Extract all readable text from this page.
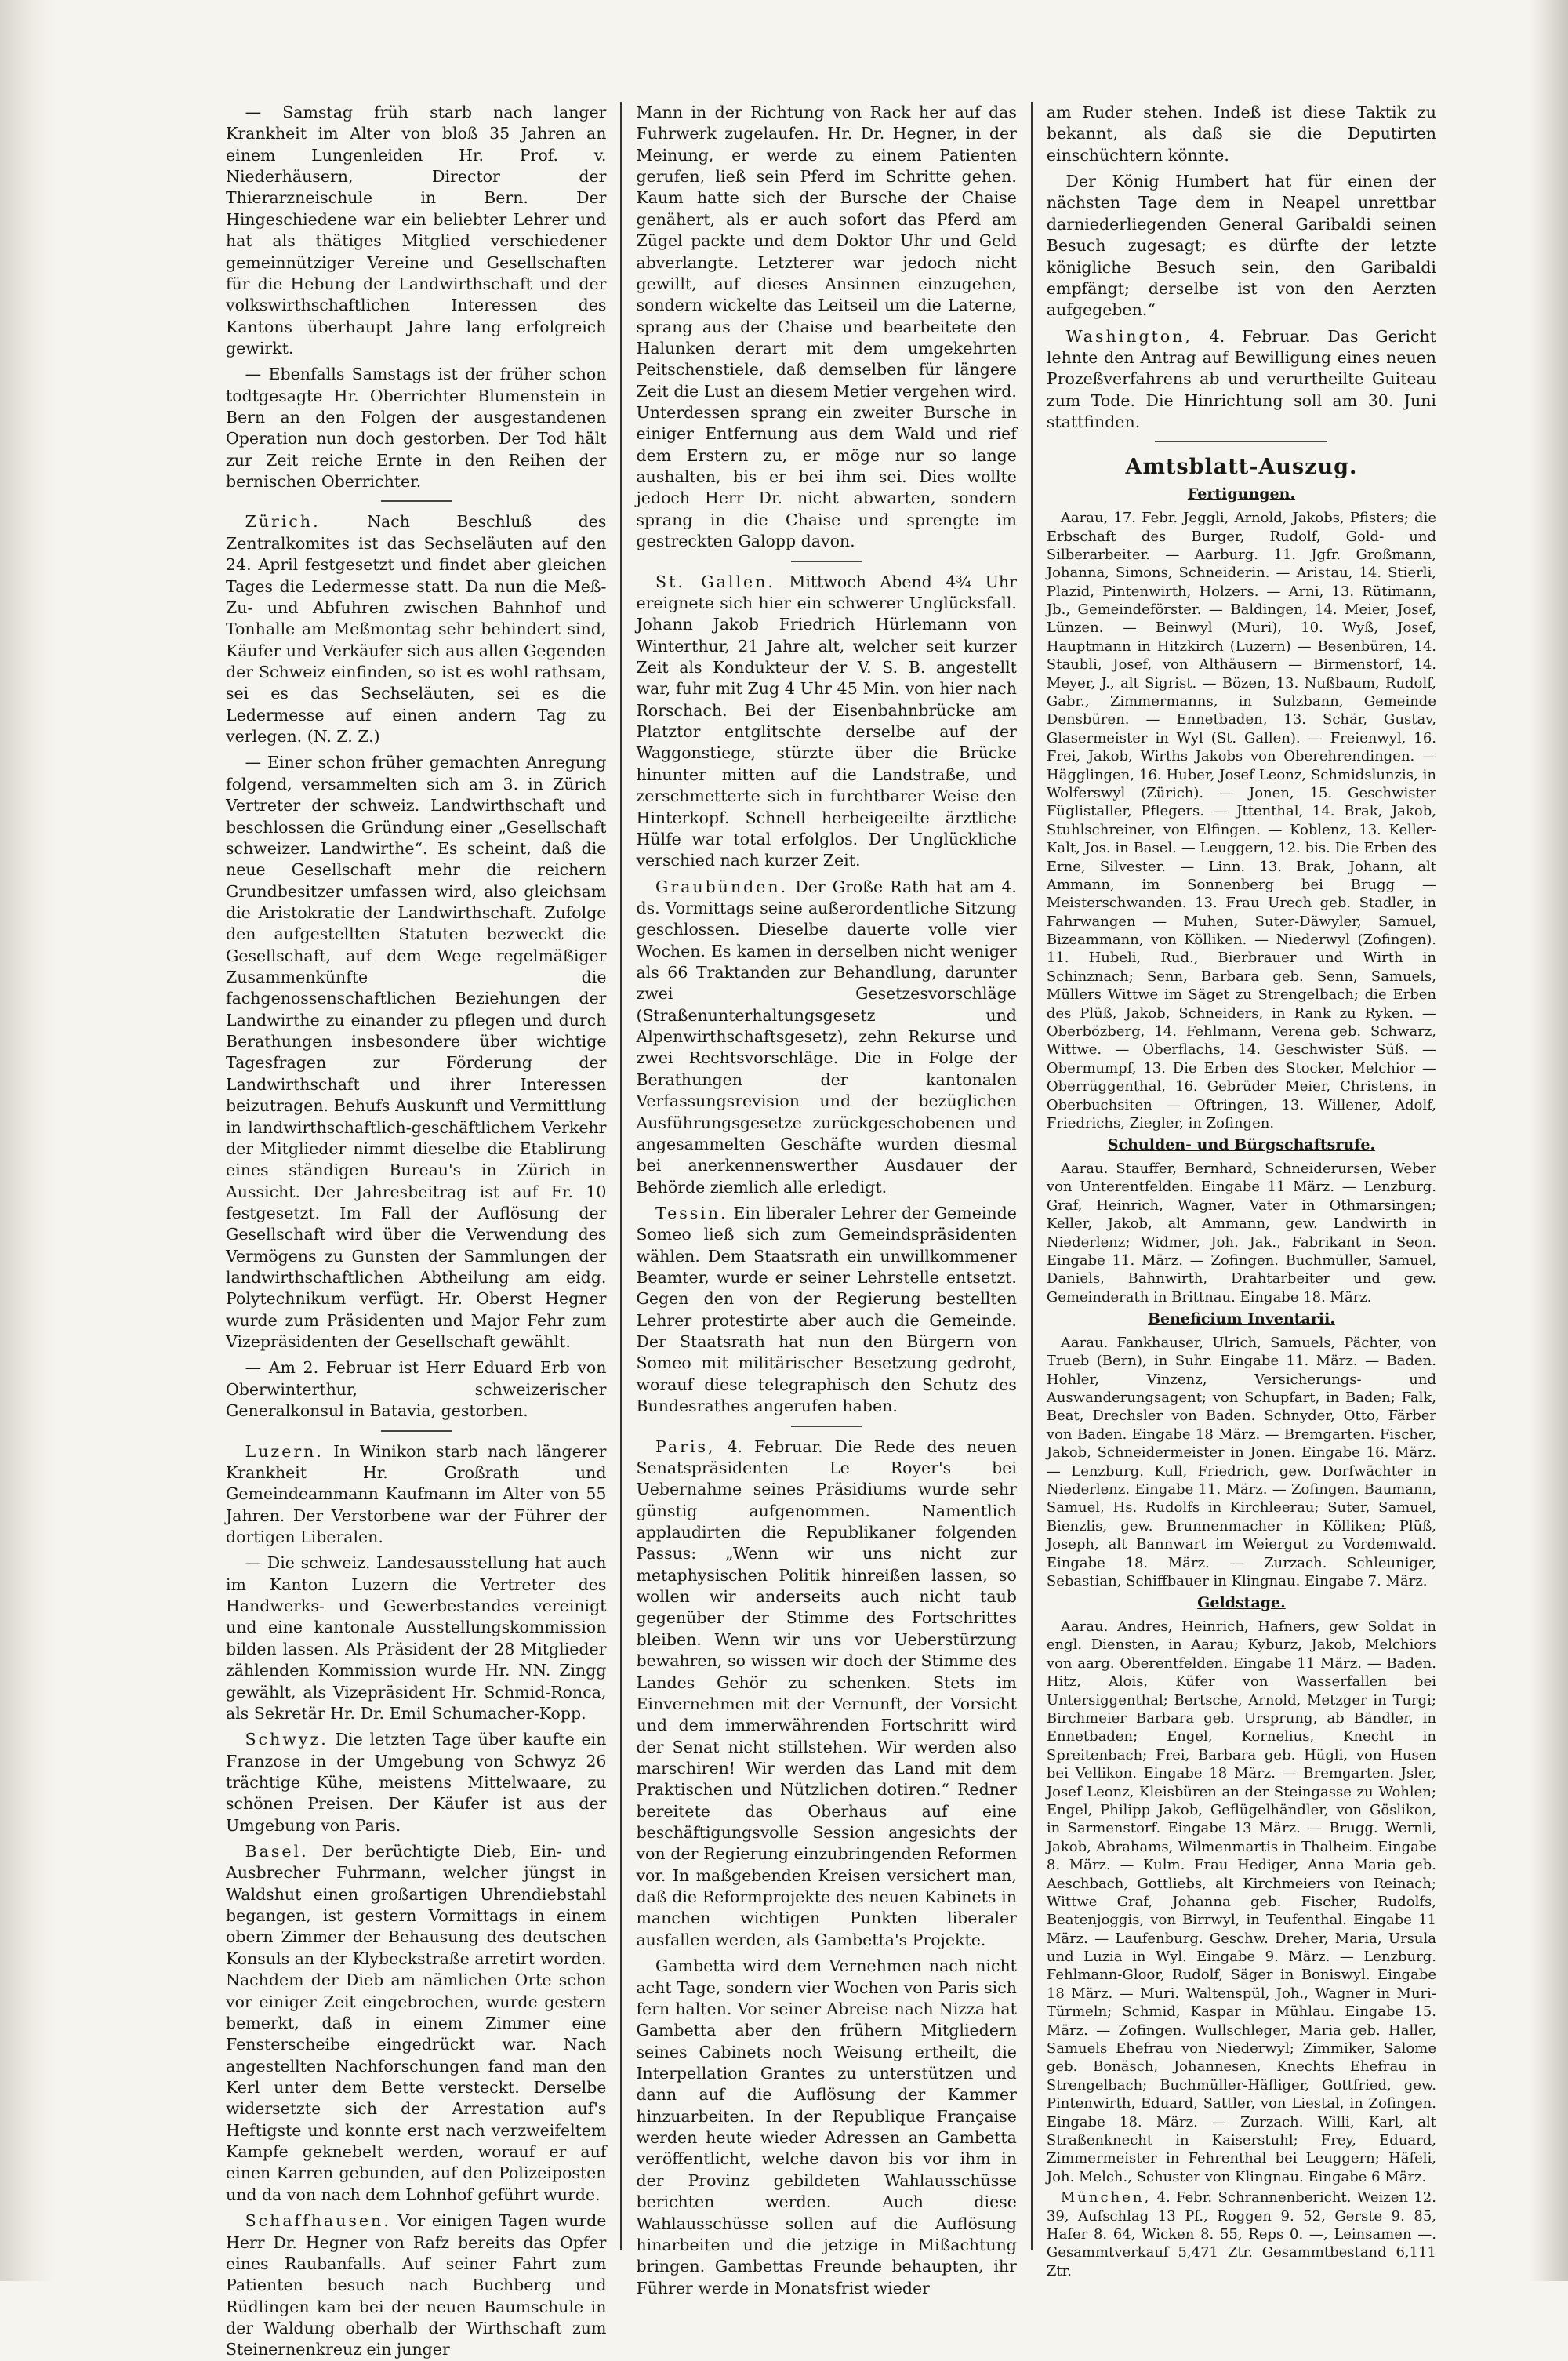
— Samstag früh starb nach langer Krankheit im Alter von bloß 35 Jahren an einem Lungenleiden Hr. Prof. v. Niederhäusern, Director der Thierarzneischule in Bern. Der Hingeschiedene war ein beliebter Lehrer und hat als thätiges Mitglied verschiedener gemeinnütziger Vereine und Gesellschaften für die Hebung der Landwirthschaft und der volkswirthschaftlichen Interessen des Kantons überhaupt Jahre lang erfolgreich gewirkt.

— Ebenfalls Samstags ist der früher schon todtgesagte Hr. Oberrichter Blumenstein in Bern an den Folgen der ausgestandenen Operation nun doch gestorben. Der Tod hält zur Zeit reiche Ernte in den Reihen der bernischen Oberrichter.

Zürich.	Nach Beschluß des Zentralkomites ist das Sechseläuten auf den 24. April festgesetzt und findet aber gleichen Tages die Ledermesse statt. Da nun die Meß-Zu- und Abfuhren zwischen Bahnhof und Tonhalle am Meßmontag sehr behindert sind, Käufer und Verkäufer sich aus allen Gegenden der Schweiz einfinden, so ist es wohl rathsam, sei es das Sechseläuten, sei es die Ledermesse auf einen andern Tag zu verlegen. (N. Z. Z.)

— Einer schon früher gemachten Anregung folgend, versammelten sich am 3. in Zürich Vertreter der schweiz. Landwirthschaft und beschlossen die Gründung einer „Gesellschaft schweizer. Landwirthe“. Es scheint, daß die neue Gesellschaft mehr die reichern Grundbesitzer umfassen wird, also gleichsam die Aristokratie der Landwirthschaft. Zufolge den aufgestellten Statuten bezweckt die Gesellschaft, auf dem Wege regelmäßiger Zusammenkünfte die fachgenossenschaftlichen Beziehungen der Landwirthe zu einander zu pflegen und durch Berathungen insbesondere über wichtige Tagesfragen zur Förderung der Landwirthschaft und ihrer Interessen beizutragen. Behufs Auskunft und Vermittlung in landwirthschaftlich-geschäftlichem Verkehr der Mitglieder nimmt dieselbe die Etablirung eines ständigen Bureau's in Zürich in Aussicht. Der Jahresbeitrag ist auf Fr. 10 festgesetzt. Im Fall der Auflösung der Gesellschaft wird über die Verwendung des Vermögens zu Gunsten der Sammlungen der landwirthschaftlichen Abtheilung am eidg. Polytechnikum verfügt. Hr. Oberst Hegner wurde zum Präsidenten und Major Fehr zum Vizepräsidenten der Gesellschaft gewählt.

— Am 2. Februar ist Herr Eduard Erb von Oberwinterthur, schweizerischer Generalkonsul in Batavia, gestorben.

Luzern. In Winikon starb nach längerer Krankheit Hr. Großrath und Gemeindeammann Kaufmann im Alter von 55 Jahren. Der Verstorbene war der Führer der dortigen Liberalen.

— Die schweiz. Landesausstellung hat auch im Kanton Luzern die Vertreter des Handwerks- und Gewerbestandes vereinigt und eine kantonale Ausstellungskommission bilden lassen. Als Präsident der 28 Mitglieder zählenden Kommission wurde Hr. NN. Zingg gewählt, als Vizepräsident Hr. Schmid-Ronca, als Sekretär Hr. Dr. Emil Schumacher-Kopp.

Schwyz. Die letzten Tage über kaufte ein Franzose in der Umgebung von Schwyz 26 trächtige Kühe, meistens Mittelwaare, zu schönen Preisen. Der Käufer ist aus der Umgebung von Paris.

Basel. Der berüchtigte Dieb, Ein- und Ausbrecher Fuhrmann, welcher jüngst in Waldshut einen großartigen Uhrendiebstahl begangen, ist gestern Vormittags in einem obern Zimmer der Behausung des deutschen Konsuls an der Klybeckstraße arretirt worden. Nachdem der Dieb am nämlichen Orte schon vor einiger Zeit eingebrochen, wurde gestern bemerkt, daß in einem Zimmer eine Fensterscheibe eingedrückt war. Nach angestellten Nachforschungen fand man den Kerl unter dem Bette versteckt. Derselbe widersetzte sich der Arrestation auf's Heftigste und konnte erst nach verzweifeltem Kampfe geknebelt werden, worauf er auf einen Karren gebunden, auf den Polizeiposten und da von nach dem Lohnhof geführt wurde.

Schaffhausen. Vor einigen Tagen wurde Herr Dr. Hegner von Rafz bereits das Opfer eines Raubanfalls. Auf seiner Fahrt zum Patienten besuch nach Buchberg und Rüdlingen kam bei der neuen Baumschule in der Waldung oberhalb der Wirthschaft zum Steinernenkreuz ein junger

Mann in der Richtung von Rack her auf das Fuhrwerk zugelaufen. Hr. Dr. Hegner, in der Meinung, er werde zu einem Patienten gerufen, ließ sein Pferd im Schritte gehen. Kaum hatte sich der Bursche der Chaise genähert, als er auch sofort das Pferd am Zügel packte und dem Doktor Uhr und Geld abverlangte. Letzterer war jedoch nicht gewillt, auf dieses Ansinnen einzugehen, sondern wickelte das Leitseil um die Laterne, sprang aus der Chaise und bearbeitete den Halunken derart mit dem umgekehrten Peitschenstiele, daß demselben für längere Zeit die Lust an diesem Metier vergehen wird. Unterdessen sprang ein zweiter Bursche in einiger Entfernung aus dem Wald und rief dem Erstern zu, er möge nur so lange aushalten, bis er bei ihm sei. Dies wollte jedoch Herr Dr. nicht abwarten, sondern sprang in die Chaise und sprengte im gestreckten Galopp davon.

St. Gallen. Mittwoch Abend 4¾ Uhr ereignete sich hier ein schwerer Unglücksfall. Johann Jakob Friedrich Hürlemann von Winterthur, 21 Jahre alt, welcher seit kurzer Zeit als Kondukteur der V. S. B. angestellt war, fuhr mit Zug 4 Uhr 45 Min. von hier nach Rorschach. Bei der Eisenbahnbrücke am Platztor entglitschte derselbe auf der Waggonstiege, stürzte über die Brücke hinunter mitten auf die Landstraße, und zerschmetterte sich in furchtbarer Weise den Hinterkopf. Schnell herbeigeeilte ärztliche Hülfe war total erfolglos. Der Unglückliche verschied nach kurzer Zeit.

Graubünden. Der Große Rath hat am 4. ds. Vormittags seine außerordentliche Sitzung geschlossen. Dieselbe dauerte volle vier Wochen. Es kamen in derselben nicht weniger als 66 Traktanden zur Behandlung, darunter zwei Gesetzesvorschläge (Straßenunterhaltungsgesetz und Alpenwirthschaftsgesetz), zehn Rekurse und zwei Rechtsvorschläge. Die in Folge der Berathungen der kantonalen Verfassungsrevision und der bezüglichen Ausführungsgesetze zurückgeschobenen und angesammelten Geschäfte wurden diesmal bei anerkennenswerther Ausdauer der Behörde ziemlich alle erledigt.

Tessin. Ein liberaler Lehrer der Gemeinde Someo ließ sich zum Gemeindspräsidenten wählen. Dem Staatsrath ein unwillkommener Beamter, wurde er seiner Lehrstelle entsetzt. Gegen den von der Regierung bestellten Lehrer protestirte aber auch die Gemeinde. Der Staatsrath hat nun den Bürgern von Someo mit militärischer Besetzung gedroht, worauf diese telegraphisch den Schutz des Bundesrathes angerufen haben.

Paris, 4. Februar. Die Rede des neuen Senatspräsidenten Le Royer's bei Uebernahme seines Präsidiums wurde sehr günstig aufgenommen. Namentlich applaudirten die Republikaner folgenden Passus: „Wenn wir uns nicht zur metaphysischen Politik hinreißen lassen, so wollen wir anderseits auch nicht taub gegenüber der Stimme des Fortschrittes bleiben. Wenn wir uns vor Ueberstürzung bewahren, so wissen wir doch der Stimme des Landes Gehör zu schenken. Stets im Einvernehmen mit der Vernunft, der Vorsicht und dem immerwährenden Fortschritt wird der Senat nicht stillstehen. Wir werden also marschiren! Wir werden das Land mit dem Praktischen und Nützlichen dotiren.“ Redner bereitete das Oberhaus auf eine beschäftigungsvolle Session angesichts der von der Regierung einzubringenden Reformen vor. In maßgebenden Kreisen versichert man, daß die Reformprojekte des neuen Kabinets in manchen wichtigen Punkten liberaler ausfallen werden, als Gambetta's Projekte.

Gambetta wird dem Vernehmen nach nicht acht Tage, sondern vier Wochen von Paris sich fern halten. Vor seiner Abreise nach Nizza hat Gambetta aber den frühern Mitgliedern seines Cabinets noch Weisung ertheilt, die Interpellation Grantes zu unterstützen und dann auf die Auflösung der Kammer hinzuarbeiten. In der Republique Française werden heute wieder Adressen an Gambetta veröffentlicht, welche davon bis vor ihm in der Provinz gebildeten Wahlausschüsse berichten werden. Auch diese Wahlausschüsse sollen auf die Auflösung hinarbeiten und die jetzige in Mißachtung bringen. Gambettas Freunde behaupten, ihr Führer werde in Monatsfrist wieder

am Ruder stehen. Indeß ist diese Taktik zu bekannt, als daß sie die Deputirten einschüchtern könnte.

Der König Humbert hat für einen der nächsten Tage dem in Neapel unrettbar darniederliegenden General Garibaldi seinen Besuch zugesagt; es dürfte der letzte königliche Besuch sein, den Garibaldi empfängt; derselbe ist von den Aerzten aufgegeben.“

Washington, 4. Februar. Das Gericht lehnte den Antrag auf Bewilligung eines neuen Prozeßverfahrens ab und verurtheilte Guiteau zum Tode. Die Hinrichtung soll am 30. Juni stattfinden.

Amtsblatt-Auszug.
Fertigungen.

Aarau, 17. Febr. Jeggli, Arnold, Jakobs, Pfisters; die Erbschaft des Burger, Rudolf, Gold- und Silberarbeiter. — Aarburg. 11. Jgfr. Großmann, Johanna, Simons, Schneiderin. — Aristau, 14. Stierli, Plazid, Pintenwirth, Holzers. — Arni, 13. Rütimann, Jb., Gemeindeförster. — Baldingen, 14. Meier, Josef, Lünzen. — Beinwyl (Muri), 10. Wyß, Josef, Hauptmann in Hitzkirch (Luzern) — Besenbüren, 14. Staubli, Josef, von Althäusern — Birmenstorf, 14. Meyer, J., alt Sigrist. — Bözen, 13. Nußbaum, Rudolf, Gabr., Zimmermanns, in Sulzbann, Gemeinde Densbüren. — Ennetbaden, 13. Schär, Gustav, Glasermeister in Wyl (St. Gallen). — Freienwyl, 16. Frei, Jakob, Wirths Jakobs von Oberehrendingen. — Hägglingen, 16. Huber, Josef Leonz, Schmidslunzis, in Wolferswyl (Zürich). — Jonen, 15. Geschwister Füglistaller, Pflegers. — Jttenthal, 14. Brak, Jakob, Stuhlschreiner, von Elfingen. — Koblenz, 13. Keller-Kalt, Jos. in Basel. — Leuggern, 12. bis. Die Erben des Erne, Silvester. — Linn. 13. Brak, Johann, alt Ammann, im Sonnenberg bei Brugg — Meisterschwanden. 13. Frau Urech geb. Stadler, in Fahrwangen — Muhen, Suter-Däwyler, Samuel, Bizeammann, von Kölliken. — Niederwyl (Zofingen). 11. Hubeli, Rud., Bierbrauer und Wirth in Schinznach; Senn, Barbara geb. Senn, Samuels, Müllers Wittwe im Säget zu Strengelbach; die Erben des Plüß, Jakob, Schneiders, in Rank zu Ryken. — Oberbözberg, 14. Fehlmann, Verena geb. Schwarz, Wittwe. — Oberflachs, 14. Geschwister Süß. — Obermumpf, 13. Die Erben des Stocker, Melchior — Oberrüggenthal, 16. Gebrüder Meier, Christens, in Oberbuchsiten — Oftringen, 13. Willener, Adolf, Friedrichs, Ziegler, in Zofingen.

Schulden- und Bürgschaftsrufe.

Aarau. Stauffer, Bernhard, Schneiderursen, Weber von Unterentfelden. Eingabe 11 März. — Lenzburg. Graf, Heinrich, Wagner, Vater in Othmarsingen; Keller, Jakob, alt Ammann, gew. Landwirth in Niederlenz; Widmer, Joh. Jak., Fabrikant in Seon. Eingabe 11. März. — Zofingen. Buchmüller, Samuel, Daniels, Bahnwirth, Drahtarbeiter und gew. Gemeinderath in Brittnau. Eingabe 18. März.

Beneficium Inventarii.

Aarau. Fankhauser, Ulrich, Samuels, Pächter, von Trueb (Bern), in Suhr. Eingabe 11. März. — Baden. Hohler, Vinzenz, Versicherungs- und Auswanderungsagent; von Schupfart, in Baden; Falk, Beat, Drechsler von Baden. Schnyder, Otto, Färber von Baden. Eingabe 18 März. — Bremgarten. Fischer, Jakob, Schneidermeister in Jonen. Eingabe 16. März. — Lenzburg. Kull, Friedrich, gew. Dorfwächter in Niederlenz. Eingabe 11. März. — Zofingen. Baumann, Samuel, Hs. Rudolfs in Kirchleerau; Suter, Samuel, Bienzlis, gew. Brunnenmacher in Kölliken; Plüß, Joseph, alt Bannwart im Weiergut zu Vordemwald. Eingabe 18. März. — Zurzach. Schleuniger, Sebastian, Schiffbauer in Klingnau. Eingabe 7. März.

Geldstage.

Aarau. Andres, Heinrich, Hafners, gew Soldat in engl. Diensten, in Aarau; Kyburz, Jakob, Melchiors von aarg. Oberentfelden. Eingabe 11 März. — Baden. Hitz, Alois, Küfer von Wasserfallen bei Untersiggenthal; Bertsche, Arnold, Metzger in Turgi; Birchmeier Barbara geb. Ursprung, ab Bändler, in Ennetbaden; Engel, Kornelius, Knecht in Spreitenbach; Frei, Barbara geb. Hügli, von Husen bei Vellikon. Eingabe 18 März. — Bremgarten. Jsler, Josef Leonz, Kleisbüren an der Steingasse zu Wohlen; Engel, Philipp Jakob, Geflügelhändler, von Göslikon, in Sarmenstorf. Eingabe 13 März. — Brugg. Wernli, Jakob, Abrahams, Wilmenmartis in Thalheim. Eingabe 8. März. — Kulm. Frau Hediger, Anna Maria geb. Aeschbach, Gottliebs, alt Kirchmeiers von Reinach; Wittwe Graf, Johanna geb. Fischer, Rudolfs, Beatenjoggis, von Birrwyl, in Teufenthal. Eingabe 11 März. — Laufenburg. Geschw. Dreher, Maria, Ursula und Luzia in Wyl. Eingabe 9. März. — Lenzburg. Fehlmann-Gloor, Rudolf, Säger in Boniswyl. Eingabe 18 März. — Muri. Waltenspül, Joh., Wagner in Muri-Türmeln; Schmid, Kaspar in Mühlau. Eingabe 15. März. — Zofingen. Wullschleger, Maria geb. Haller, Samuels Ehefrau von Niederwyl; Zimmiker, Salome geb. Bonäsch, Johannesen, Knechts Ehefrau in Strengelbach; Buchmüller-Häfliger, Gottfried, gew. Pintenwirth, Eduard, Sattler, von Liestal, in Zofingen. Eingabe 18. März. — Zurzach. Willi, Karl, alt Straßenknecht in Kaiserstuhl; Frey, Eduard, Zimmermeister in Fehrenthal bei Leuggern; Häfeli, Joh. Melch., Schuster von Klingnau. Eingabe 6 März.

München, 4. Febr. Schrannenbericht. Weizen 12. 39, Aufschlag 13 Pf., Roggen 9. 52, Gerste 9. 85, Hafer 8. 64, Wicken 8. 55, Reps 0. —, Leinsamen —. Gesammtverkauf 5,471 Ztr. Gesammtbestand 6,111 Ztr.
